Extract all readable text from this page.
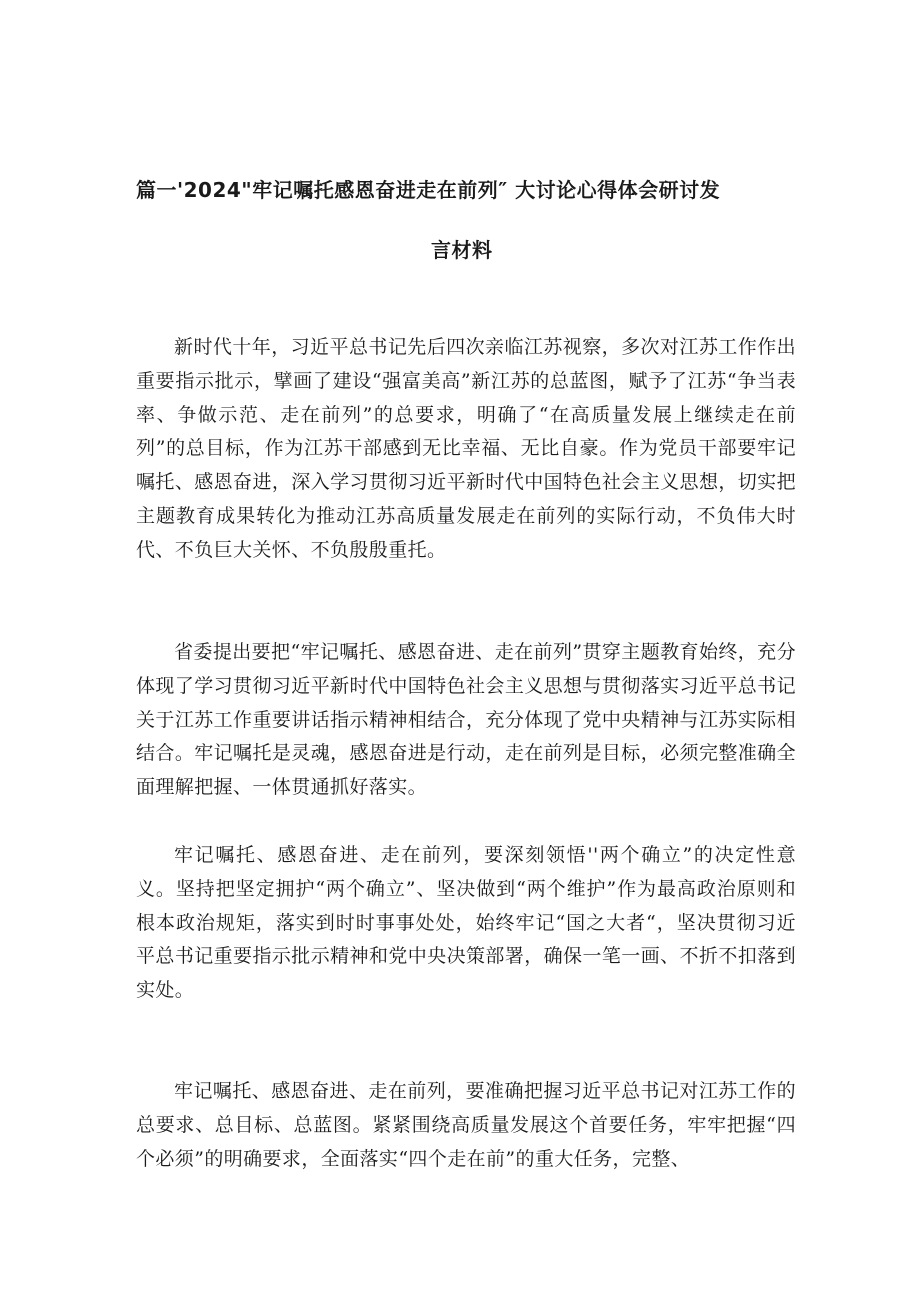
篇一'2024"牢记嘱托感恩奋进走在前列″ 大讨论心得体会研讨发
言材料

新时代十年，习近平总书记先后四次亲临江苏视察，多次对江苏工作作出重要指示批示，擘画了建设“强富美高”新江苏的总蓝图，赋予了江苏“争当表率、争做示范、走在前列”的总要求，明确了“在高质量发展上继续走在前列”的总目标，作为江苏干部感到无比幸福、无比自豪。作为党员干部要牢记嘱托、感恩奋进，深入学习贯彻习近平新时代中国特色社会主义思想，切实把主题教育成果转化为推动江苏高质量发展走在前列的实际行动，不负伟大时代、不负巨大关怀、不负殷殷重托。

省委提出要把“牢记嘱托、感恩奋进、走在前列”贯穿主题教育始终，充分体现了学习贯彻习近平新时代中国特色社会主义思想与贯彻落实习近平总书记关于江苏工作重要讲话指示精神相结合，充分体现了党中央精神与江苏实际相结合。牢记嘱托是灵魂，感恩奋进是行动，走在前列是目标，必须完整准确全面理解把握、一体贯通抓好落实。

牢记嘱托、感恩奋进、走在前列，要深刻领悟''两个确立”的决定性意义。坚持把坚定拥护“两个确立”、坚决做到“两个维护”作为最高政治原则和根本政治规矩，落实到时时事事处处，始终牢记“国之大者“，坚决贯彻习近平总书记重要指示批示精神和党中央决策部署，确保一笔一画、不折不扣落到实处。

牢记嘱托、感恩奋进、走在前列，要准确把握习近平总书记对江苏工作的总要求、总目标、总蓝图。紧紧围绕高质量发展这个首要任务，牢牢把握“四个必须”的明确要求，全面落实“四个走在前”的重大任务，完整、
